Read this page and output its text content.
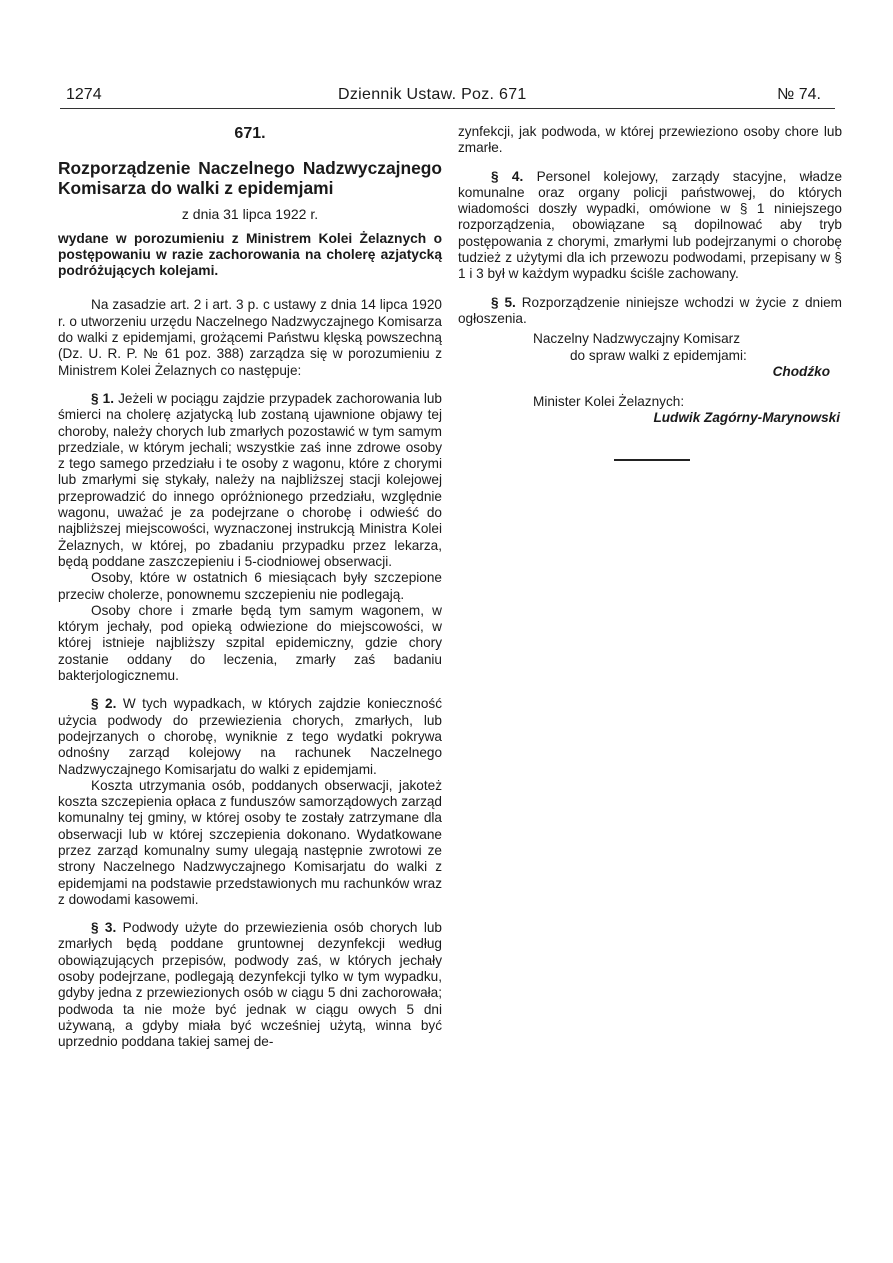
1274	Dziennik Ustaw. Poz. 671	№ 74.

671.

Rozporządzenie Naczelnego Nadzwyczajnego Komisarza do walki z epidemjami

z dnia 31 lipca 1922 r.

wydane w porozumieniu z Ministrem Kolei Żelaznych o postępowaniu w razie zachorowania na cholerę azjatycką podróżujących kolejami.

Na zasadzie art. 2 i art. 3 p. c ustawy z dnia 14 lipca 1920 r. o utworzeniu urzędu Naczelnego Nadzwyczajnego Komisarza do walki z epidemjami, grożącemi Państwu klęską powszechną (Dz. U. R. P. № 61 poz. 388) zarządza się w porozumieniu z Ministrem Kolei Żelaznych co następuje:

§ 1. Jeżeli w pociągu zajdzie przypadek zachorowania lub śmierci na cholerę azjatycką lub zostaną ujawnione objawy tej choroby, należy chorych lub zmarłych pozostawić w tym samym przedziale, w którym jechali; wszystkie zaś inne zdrowe osoby z tego samego przedziału i te osoby z wagonu, które z chorymi lub zmarłymi się stykały, należy na najbliższej stacji kolejowej przeprowadzić do innego opróżnionego przedziału, względnie wagonu, uważać je za podejrzane o chorobę i odwieść do najbliższej miejscowości, wyznaczonej instrukcją Ministra Kolei Żelaznych, w której, po zbadaniu przypadku przez lekarza, będą poddane zaszczepieniu i 5-ciodniowej obserwacji.

Osoby, które w ostatnich 6 miesiącach były szczepione przeciw cholerze, ponownemu szczepieniu nie podlegają.

Osoby chore i zmarłe będą tym samym wagonem, w którym jechały, pod opieką odwiezione do miejscowości, w której istnieje najbliższy szpital epidemiczny, gdzie chory zostanie oddany do leczenia, zmarły zaś badaniu bakterjologicznemu.

§ 2. W tych wypadkach, w których zajdzie konieczność użycia podwody do przewiezienia chorych, zmarłych, lub podejrzanych o chorobę, wyniknie z tego wydatki pokrywa odnośny zarząd kolejowy na rachunek Naczelnego Nadzwyczajnego Komisarjatu do walki z epidemjami.

Koszta utrzymania osób, poddanych obserwacji, jakoteż koszta szczepienia opłaca z funduszów samorządowych zarząd komunalny tej gminy, w której osoby te zostały zatrzymane dla obserwacji lub w której szczepienia dokonano. Wydatkowane przez zarząd komunalny sumy ulegają następnie zwrotowi ze strony Naczelnego Nadzwyczajnego Komisarjatu do walki z epidemjami na podstawie przedstawionych mu rachunków wraz z dowodami kasowemi.

§ 3. Podwody użyte do przewiezienia osób chorych lub zmarłych będą poddane gruntownej dezynfekcji według obowiązujących przepisów, podwody zaś, w których jechały osoby podejrzane, podlegają dezynfekcji tylko w tym wypadku, gdyby jedna z przewiezionych osób w ciągu 5 dni zachorowała; podwoda ta nie może być jednak w ciągu owych 5 dni używaną, a gdyby miała być wcześniej użytą, winna być uprzednio poddana takiej samej de-

zynfekcji, jak podwoda, w której przewieziono osoby chore lub zmarłe.

§ 4. Personel kolejowy, zarządy stacyjne, władze komunalne oraz organy policji państwowej, do których wiadomości doszły wypadki, omówione w § 1 niniejszego rozporządzenia, obowiązane są dopilnować aby tryb postępowania z chorymi, zmarłymi lub podejrzanymi o chorobę tudzież z użytymi dla ich przewozu podwodami, przepisany w § 1 i 3 był w każdym wypadku ściśle zachowany.

§ 5. Rozporządzenie niniejsze wchodzi w życie z dniem ogłoszenia.

Naczelny Nadzwyczajny Komisarz

do spraw walki z epidemjami:

Chodźko

Minister Kolei Żelaznych:

Ludwik Zagórny-Marynowski
